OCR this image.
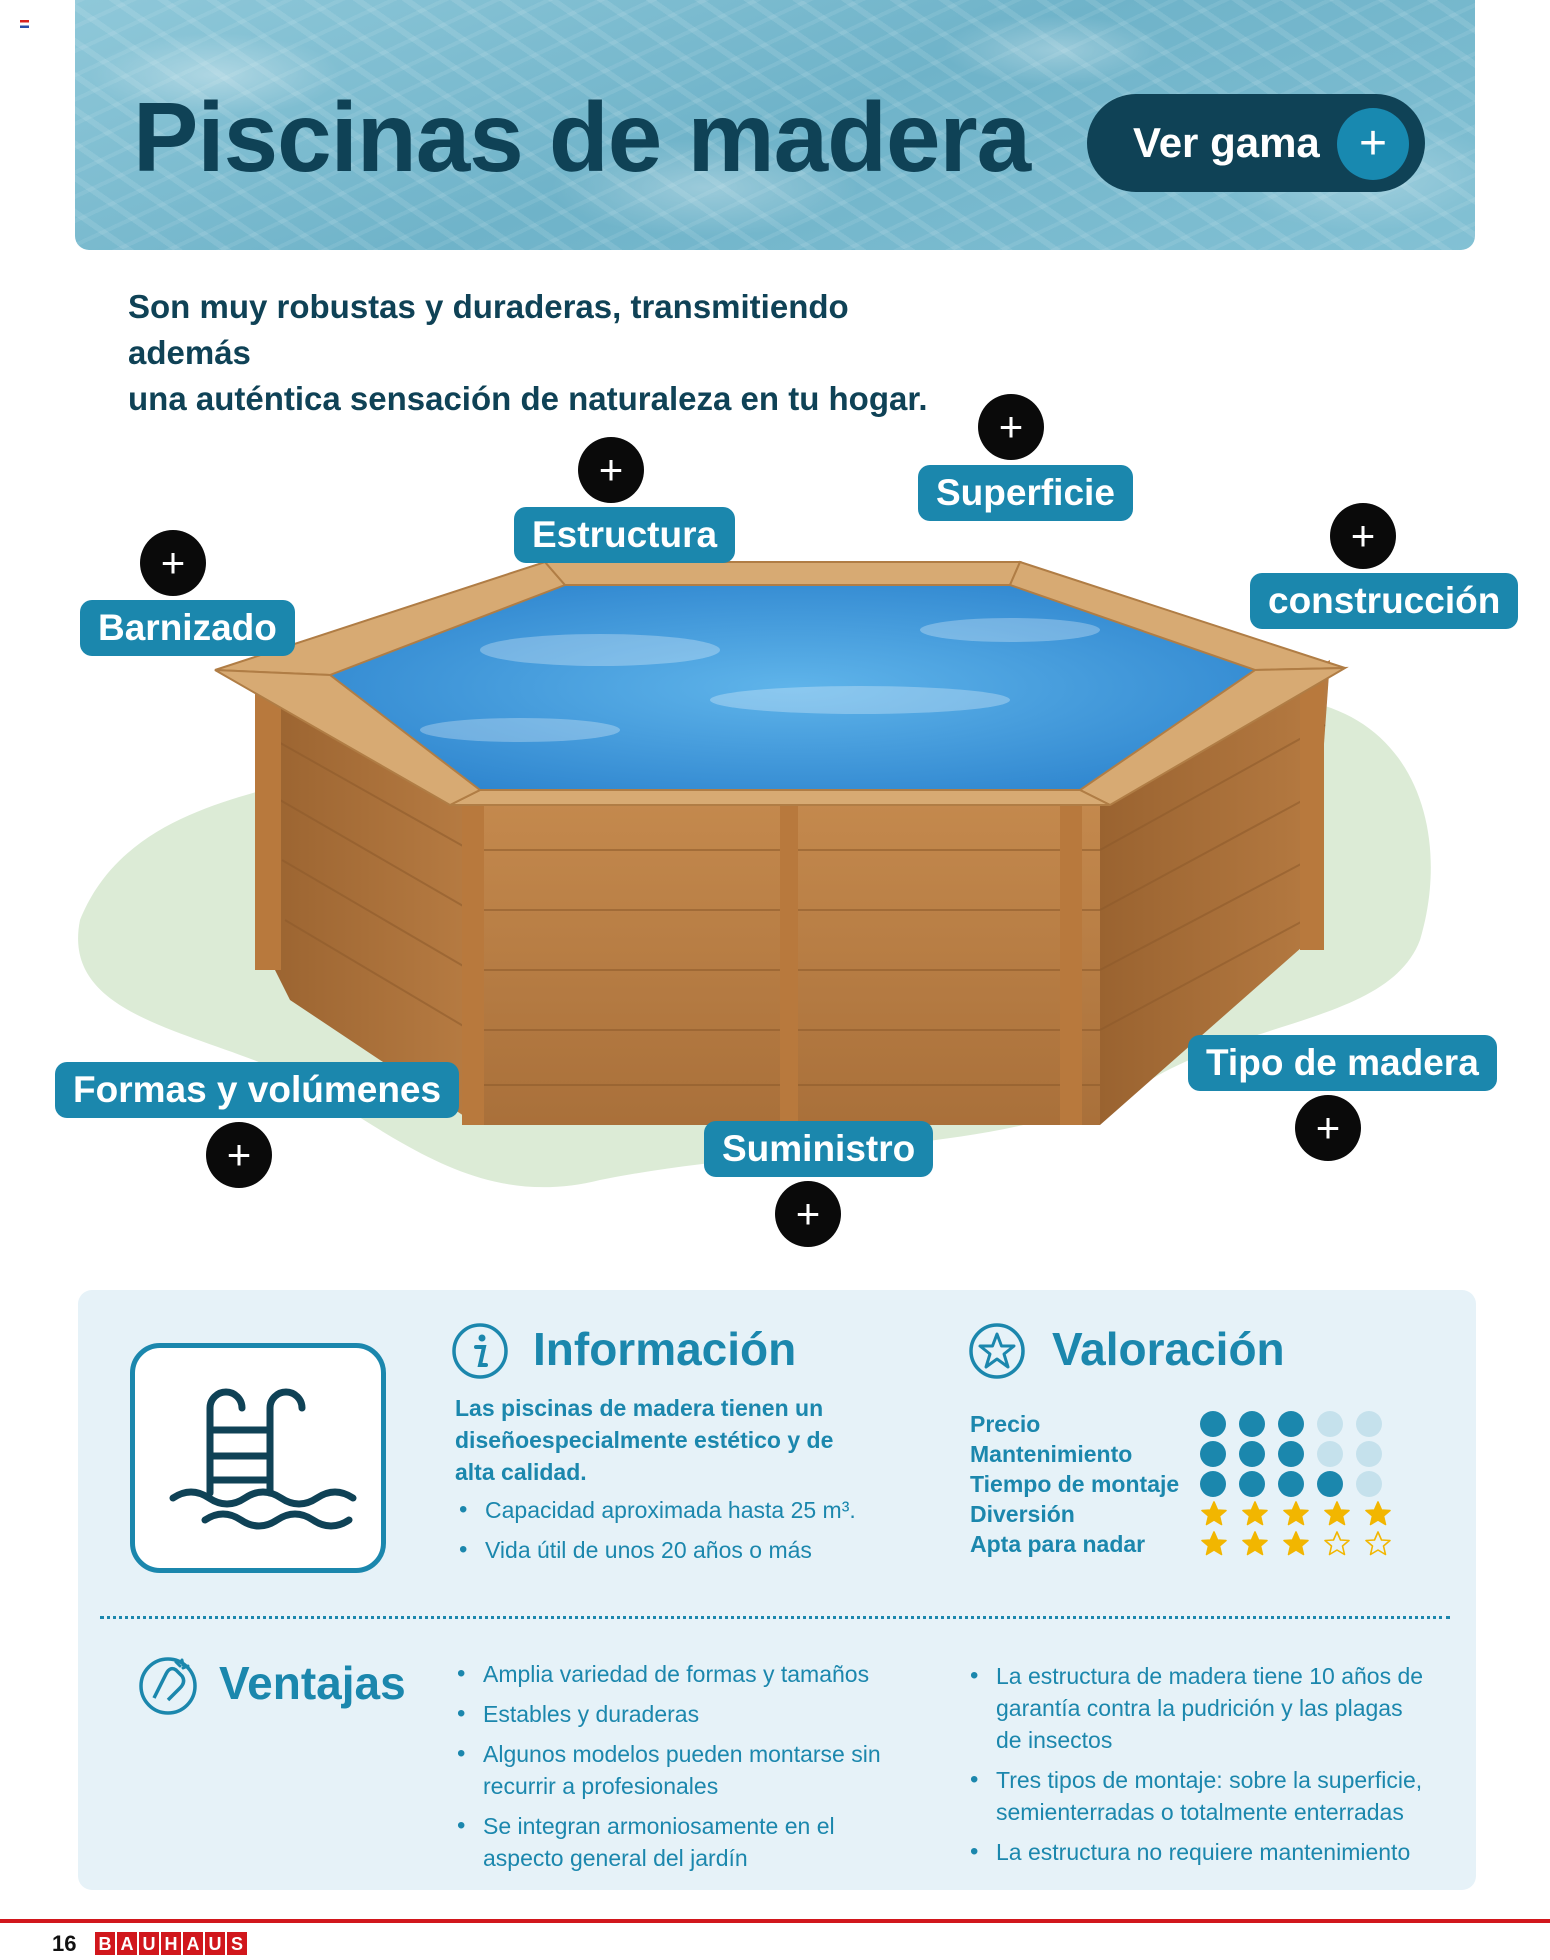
Piscinas de madera Ver gama +
Son muy robustas y duraderas, transmitiendo además
una auténtica sensación de naturaleza en tu hogar.
Barnizado
+
Estructura
+	Superficie
+
construcción
+
Formas y volúmenes
+	Suministro
+
Tipo de madera
+
Información
Las piscinas de madera tienen un diseñoespecialmente estético y de alta calidad.
• Capacidad aproximada hasta 25 m³.
• Vida útil de unos 20 años o más
Valoración
Precio
Mantenimiento
Tiempo de montaje
Diversión
Apta para nadar
Ventajas
•	Amplia variedad de formas y tamaños
• Estables y duraderas
• Algunos modelos pueden montarse sin recurrir a profesionales
• Se integran armoniosamente en el aspecto general del jardín
• La estructura de madera tiene 10 años de garantía contra la pudrición y las plagas de insectos
• Tres tipos de montaje: sobre la superficie, semienterradas o totalmente enterradas
• La estructura no requiere mantenimiento
16 B A U H A U S
